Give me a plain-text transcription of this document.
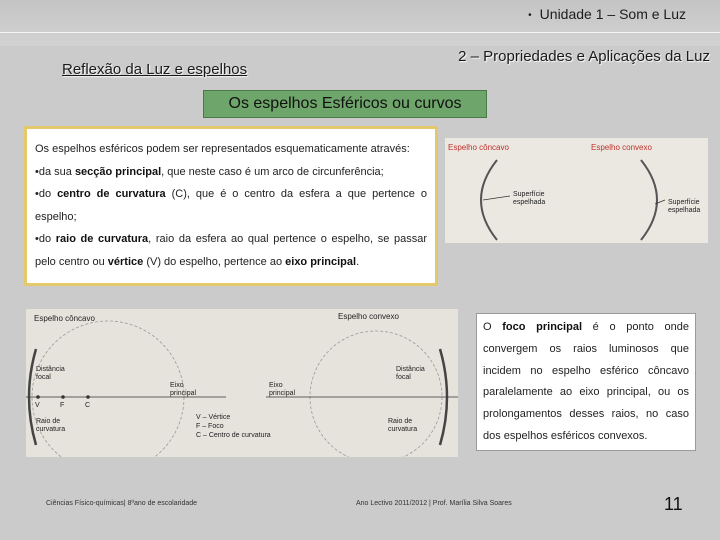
• Unidade 1 – Som e Luz
Reflexão da Luz e espelhos
2 – Propriedades e Aplicações da Luz
Os espelhos Esféricos ou curvos

Os espelhos esféricos podem ser representados esquematicamente através:

•da sua secção principal, que neste caso é um arco de circunferência;

•do centro de curvatura (C), que é o centro da esfera a que pertence o espelho;

•do raio de curvatura, raio da esfera ao qual pertence o espelho, se passar pelo centro ou vértice (V) do espelho, pertence ao eixo principal.

Espelho côncavo	Espelho convexo
Superfície
espelhada	Superfície
espelhada
Espelho côncavo	Espelho convexo
V	F	C
Distância
focal
Eixo
principal
Raio de
curvatura
V – Vértice
F – Foco
C – Centro de curvatura
Eixo
principal
Distância
focal
Raio de
curvatura
O foco principal é o ponto onde convergem os raios luminosos que incidem no espelho esférico côncavo paralelamente ao eixo principal, ou os prolongamentos desses raios, no caso dos espelhos esféricos convexos.
Ciências Físico-químicas| 8ºano de escolaridade	Ano Lectivo 2011/2012 | Prof. Marília Silva Soares	11
